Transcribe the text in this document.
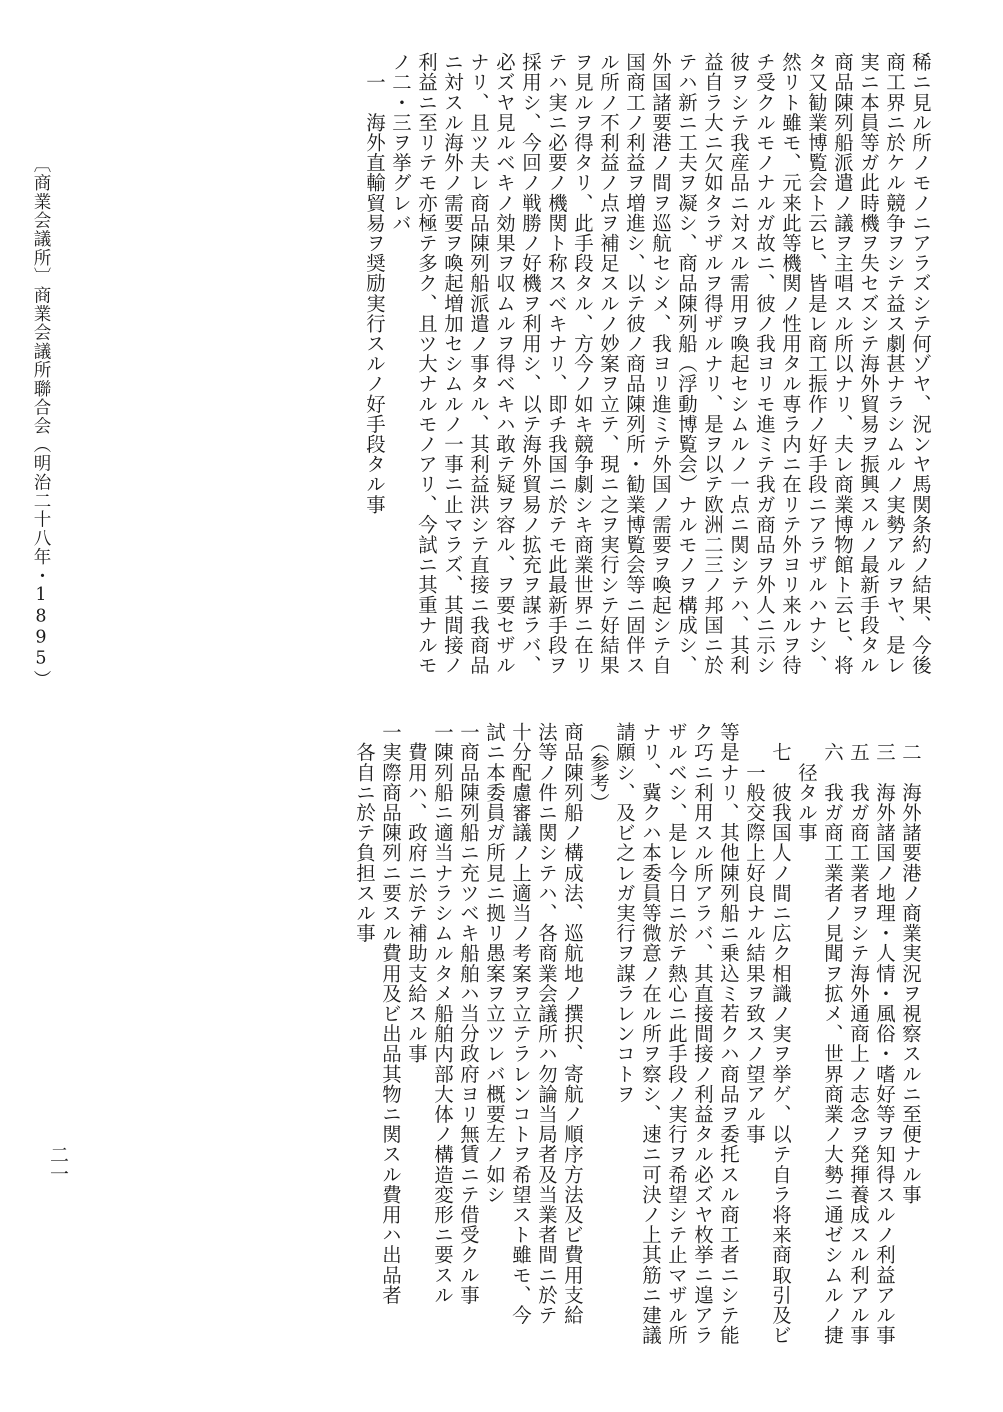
稀ニ見ル所ノモノニアラズシテ何ゾヤ、況ンヤ馬関条約ノ結果、今後
商工界ニ於ケル競争ヲシテ益ス劇甚ナラシムルノ実勢アルヲヤ、是レ
実ニ本員等ガ此時機ヲ失セズシテ海外貿易ヲ振興スルノ最新手段タル
商品陳列船派遣ノ議ヲ主唱スル所以ナリ、夫レ商業博物館ト云ヒ、将
タ又勧業博覧会ト云ヒ、皆是レ商工振作ノ好手段ニアラザルハナシ、
然リト雖モ、元来此等機関ノ性用タル専ラ内ニ在リテ外ヨリ来ルヲ待
チ受クルモノナルガ故ニ、彼ノ我ヨリモ進ミテ我ガ商品ヲ外人ニ示シ
彼ヲシテ我産品ニ対スル需用ヲ喚起セシムルノ一点ニ関シテハ、其利
益自ラ大ニ欠如タラザルヲ得ザルナリ、是ヲ以テ欧洲二三ノ邦国ニ於
テハ新ニ工夫ヲ凝シ、商品陳列船（浮動博覧会）ナルモノヲ構成シ、
外国諸要港ノ間ヲ巡航セシメ、我ヨリ進ミテ外国ノ需要ヲ喚起シテ自
国商工ノ利益ヲ増進シ、以テ彼ノ商品陳列所・勧業博覧会等ニ固伴ス
ル所ノ不利益ノ点ヲ補足スルノ妙案ヲ立テ、現ニ之ヲ実行シテ好結果
ヲ見ルヲ得タリ、此手段タル、方今ノ如キ競争劇シキ商業世界ニ在リ
テハ実ニ必要ノ機関ト称スベキナリ、即チ我国ニ於テモ此最新手段ヲ
採用シ、今回ノ戦勝ノ好機ヲ利用シ、以テ海外貿易ノ拡充ヲ謀ラバ、
必ズヤ見ルベキノ効果ヲ収ムルヲ得ベキハ敢テ疑ヲ容ル、ヲ要セザル
ナリ、且ツ夫レ商品陳列船派遣ノ事タル、其利益洪シテ直接ニ我商品
ニ対スル海外ノ需要ヲ喚起増加セシムルノ一事ニ止マラズ、其間接ノ
利益ニ至リテモ亦極テ多ク、且ツ大ナルモノアリ、今試ニ其重ナルモ
ノ二・三ヲ挙グレバ
　一　海外直輸貿易ヲ奨励実行スルノ好手段タル事
　二　海外諸要港ノ商業実況ヲ視察スルニ至便ナル事
　三　海外諸国ノ地理・人情・風俗・嗜好等ヲ知得スルノ利益アル事
　五　我ガ商工業者ヲシテ海外通商上ノ志念ヲ発揮養成スル利アル事
　六　我ガ商工業者ノ見聞ヲ拡メ、世界商業ノ大勢ニ通ゼシムルノ捷
　　径タル事
　七　彼我国人ノ間ニ広ク相識ノ実ヲ挙ゲ、以テ自ラ将来商取引及ビ
　　一般交際上好良ナル結果ヲ致スノ望アル事
等是ナリ、其他陳列船ニ乗込ミ若クハ商品ヲ委托スル商工者ニシテ能
ク巧ニ利用スル所アラバ、其直接間接ノ利益タル必ズヤ枚挙ニ遑アラ
ザルベシ、是レ今日ニ於テ熱心ニ此手段ノ実行ヲ希望シテ止マザル所
ナリ、冀クハ本委員等微意ノ在ル所ヲ察シ、速ニ可決ノ上其筋ニ建議
請願シ、及ビ之レガ実行ヲ謀ラレンコトヲ
　（参考）
商品陳列船ノ構成法、巡航地ノ撰択、寄航ノ順序方法及ビ費用支給
法等ノ件ニ関シテハ、各商業会議所ハ勿論当局者及当業者間ニ於テ
十分配慮審議ノ上適当ノ考案ヲ立テラレンコトヲ希望スト雖モ、今
試ニ本委員ガ所見ニ拠リ愚案ヲ立ツレバ概要左ノ如シ
一商品陳列船ニ充ツベキ船舶ハ当分政府ヨリ無賃ニテ借受クル事
一陳列船ニ適当ナラシムルタメ船舶内部大体ノ構造変形ニ要スル
　費用ハ、政府ニ於テ補助支給スル事
一実際商品陳列ニ要スル費用及ビ出品其物ニ関スル費用ハ出品者
　各自ニ於テ負担スル事
〔商業会議所〕商業会議所聯合会（明治二十八年・1895）
二一
